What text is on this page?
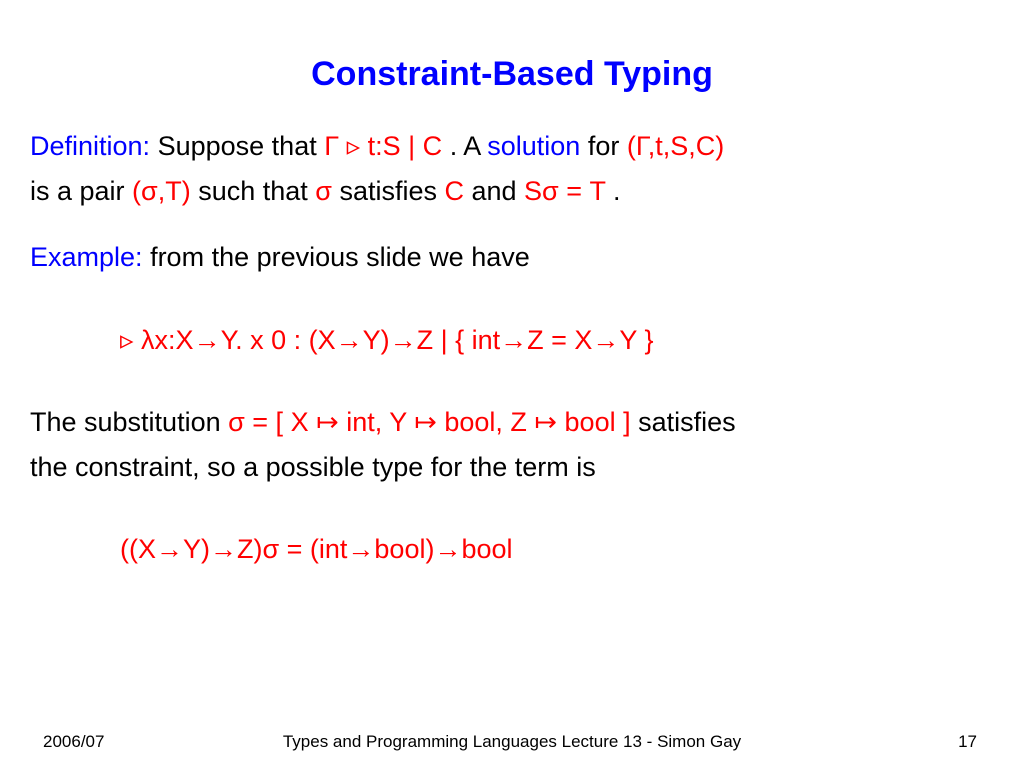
Constraint-Based Typing
Definition: Suppose that Γ ▹ t:S | C . A solution for (Γ,t,S,C)
is a pair (σ,T) such that σ satisfies C and Sσ = T .
Example: from the previous slide we have
▹ λx:X→Y. x 0 : (X→Y)→Z | { int→Z = X→Y }
The substitution σ = [ X ↦ int, Y ↦ bool, Z ↦ bool ] satisfies
the constraint, so a possible type for the term is
((X→Y)→Z)σ = (int→bool)→bool
2006/07	Types and Programming Languages Lecture 13 - Simon Gay	17
